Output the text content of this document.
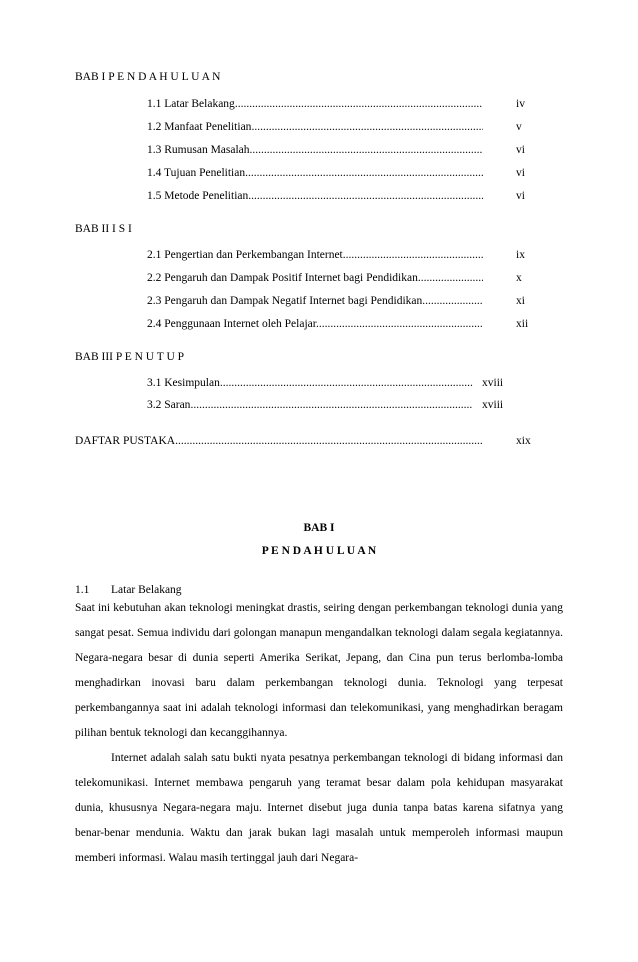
BAB I P E N D A H U L U A N
1.1 Latar Belakang .....	iv
1.2 Manfaat Penelitian .....	v
1.3 Rumusan Masalah .....	vi
1.4 Tujuan Penelitian .....	vi
1.5 Metode Penelitian .....	vi
BAB II I S I
2.1 Pengertian dan Perkembangan Internet .....	ix
2.2 Pengaruh dan Dampak Positif Internet bagi Pendidikan .....	x
2.3 Pengaruh dan Dampak Negatif Internet bagi Pendidikan .....	xi
2.4 Penggunaan Internet oleh Pelajar .....	xii
BAB III P E N U T U P
3.1 Kesimpulan .....	xviii
3.2 Saran .....	xviii
DAFTAR PUSTAKA .....	xix
BAB I
P E N D A H U L U A N
1.1 Latar Belakang

Saat ini kebutuhan akan teknologi meningkat drastis, seiring dengan perkembangan teknologi dunia yang sangat pesat. Semua individu dari golongan manapun mengandalkan teknologi dalam segala kegiatannya. Negara-negara besar di dunia seperti Amerika Serikat, Jepang, dan Cina pun terus berlomba-lomba menghadirkan inovasi baru dalam perkembangan teknologi dunia. Teknologi yang terpesat perkembangannya saat ini adalah teknologi informasi dan telekomunikasi, yang menghadirkan beragam pilihan bentuk teknologi dan kecanggihannya.

Internet adalah salah satu bukti nyata pesatnya perkembangan teknologi di bidang informasi dan telekomunikasi. Internet membawa pengaruh yang teramat besar dalam pola kehidupan masyarakat dunia, khususnya Negara-negara maju. Internet disebut juga dunia tanpa batas karena sifatnya yang benar-benar mendunia. Waktu dan jarak bukan lagi masalah untuk memperoleh informasi maupun memberi informasi. Walau masih tertinggal jauh dari Negara-
